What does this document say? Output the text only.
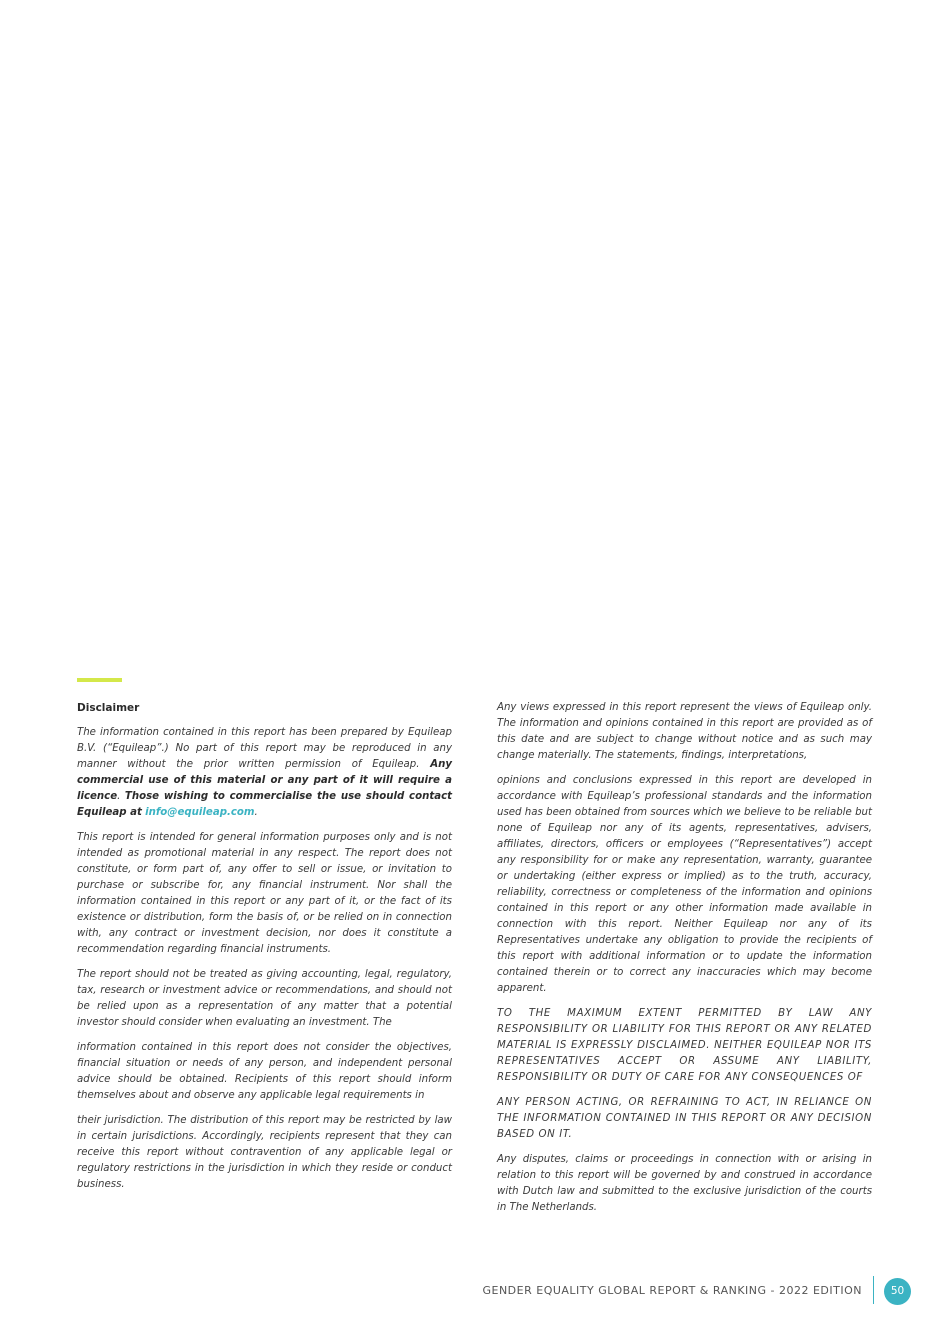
Disclaimer

The information contained in this report has been prepared by Equileap B.V. (“Equileap”.) No part of this report may be reproduced in any manner without the prior written permission of Equileap. Any commercial use of this material or any part of it will require a licence. Those wishing to commercialise the use should contact Equileap at info@equileap.com.

This report is intended for general information purposes only and is not intended as promotional material in any respect. The report does not constitute, or form part of, any offer to sell or issue, or invitation to purchase or subscribe for, any financial instrument. Nor shall the information contained in this report or any part of it, or the fact of its existence or distribution, form the basis of, or be relied on in connection with, any contract or investment decision, nor does it constitute a recommendation regarding financial instruments.

The report should not be treated as giving accounting, legal, regulatory, tax, research or investment advice or recommendations, and should not be relied upon as a representation of any matter that a potential investor should consider when evaluating an investment. The

information contained in this report does not consider the objectives, financial situation or needs of any person, and independent personal advice should be obtained. Recipients of this report should inform themselves about and observe any applicable legal requirements in

their jurisdiction. The distribution of this report may be restricted by law in certain jurisdictions. Accordingly, recipients represent that they can receive this report without contravention of any applicable legal or regulatory restrictions in the jurisdiction in which they reside or conduct business.

Any views expressed in this report represent the views of Equileap only. The information and opinions contained in this report are provided as of this date and are subject to change without notice and as such may change materially. The statements, findings, interpretations,

opinions and conclusions expressed in this report are developed in accordance with Equileap’s professional standards and the information used has been obtained from sources which we believe to be reliable but none of Equileap nor any of its agents, representatives, advisers, affiliates, directors, officers or employees (“Representatives”) accept any responsibility for or make any representation, warranty, guarantee or undertaking (either express or implied) as to the truth, accuracy, reliability, correctness or completeness of the information and opinions contained in this report or any other information made available in connection with this report. Neither Equileap nor any of its Representatives undertake any obligation to provide the recipients of this report with additional information or to update the information contained therein or to correct any inaccuracies which may become apparent.

TO THE MAXIMUM EXTENT PERMITTED BY LAW ANY RESPONSIBILITY OR LIABILITY FOR THIS REPORT OR ANY RELATED MATERIAL IS EXPRESSLY DISCLAIMED. NEITHER EQUILEAP NOR ITS REPRESENTATIVES ACCEPT OR ASSUME ANY LIABILITY, RESPONSIBILITY OR DUTY OF CARE FOR ANY CONSEQUENCES OF

ANY PERSON ACTING, OR REFRAINING TO ACT, IN RELIANCE ON THE INFORMATION CONTAINED IN THIS REPORT OR ANY DECISION BASED ON IT.

Any disputes, claims or proceedings in connection with or arising in relation to this report will be governed by and construed in accordance with Dutch law and submitted to the exclusive jurisdiction of the courts in The Netherlands.

GENDER EQUALITY GLOBAL REPORT & RANKING - 2022 EDITION	50
